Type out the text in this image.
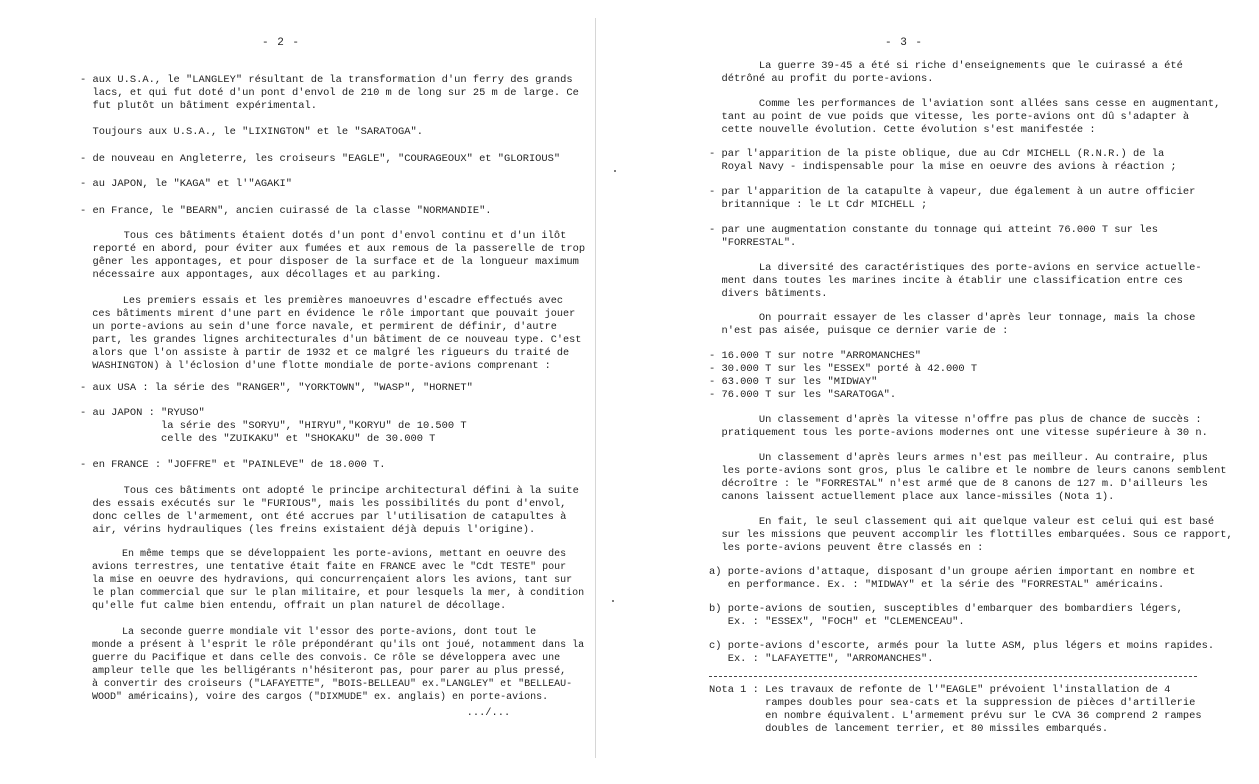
- 2 -

- aux U.S.A., le "LANGLEY" résultant de la transformation d'un ferry des grands
lacs, et qui fut doté d'un pont d'envol de 210 m de long sur 25 m de large. Ce
fut plutôt un bâtiment expérimental.

Toujours aux U.S.A., le "LIXINGTON" et le "SARATOGA".

- de nouveau en Angleterre, les croiseurs "EAGLE", "COURAGEOUX" et "GLORIOUS"

- au JAPON, le "KAGA" et l'"AGAKI"

- en France, le "BEARN", ancien cuirassé de la classe "NORMANDIE".

Tous ces bâtiments étaient dotés d'un pont d'envol continu et d'un ilôt
reporté en abord, pour éviter aux fumées et aux remous de la passerelle de trop
gêner les appontages, et pour disposer de la surface et de la longueur maximum
nécessaire aux appontages, aux décollages et au parking.

Les premiers essais et les premières manoeuvres d'escadre effectués avec
ces bâtiments mirent d'une part en évidence le rôle important que pouvait jouer
un porte-avions au sein d'une force navale, et permirent de définir, d'autre
part, les grandes lignes architecturales d'un bâtiment de ce nouveau type. C'est
alors que l'on assiste à partir de 1932 et ce malgré les rigueurs du traité de
WASHINGTON) à l'éclosion d'une flotte mondiale de porte-avions comprenant :

- aux USA : la série des "RANGER", "YORKTOWN", "WASP", "HORNET"

- au JAPON : "RYUSO"
la série des "SORYU", "HIRYU","KORYU" de 10.500 T
celle des "ZUIKAKU" et "SHOKAKU" de 30.000 T

- en FRANCE : "JOFFRE" et "PAINLEVE" de 18.000 T.

Tous ces bâtiments ont adopté le principe architectural défini à la suite
des essais exécutés sur le "FURIOUS", mais les possibilités du pont d'envol,
donc celles de l'armement, ont été accrues par l'utilisation de catapultes à
air, vérins hydrauliques (les freins existaient déjà depuis l'origine).

En même temps que se développaient les porte-avions, mettant en oeuvre des
avions terrestres, une tentative était faite en FRANCE avec le "Cdt TESTE" pour
la mise en oeuvre des hydravions, qui concurrençaient alors les avions, tant sur
le plan commercial que sur le plan militaire, et pour lesquels la mer, à condition
qu'elle fut calme bien entendu, offrait un plan naturel de décollage.

La seconde guerre mondiale vit l'essor des porte-avions, dont tout le
monde a présent à l'esprit le rôle prépondérant qu'ils ont joué, notamment dans la
guerre du Pacifique et dans celle des convois. Ce rôle se développera avec une
ampleur telle que les belligérants n'hésiteront pas, pour parer au plus pressé,
à convertir des croiseurs ("LAFAYETTE", "BOIS-BELLEAU" ex."LANGLEY" et "BELLEAU-
WOOD" américains), voire des cargos ("DIXMUDE" ex. anglais) en porte-avions.

.../...

- 3 -

La guerre 39-45 a été si riche d'enseignements que le cuirassé a été
détrôné au profit du porte-avions.

Comme les performances de l'aviation sont allées sans cesse en augmentant,
tant au point de vue poids que vitesse, les porte-avions ont dû s'adapter à
cette nouvelle évolution. Cette évolution s'est manifestée :

- par l'apparition de la piste oblique, due au Cdr MICHELL (R.N.R.) de la
Royal Navy - indispensable pour la mise en oeuvre des avions à réaction ;

- par l'apparition de la catapulte à vapeur, due également à un autre officier
britannique : le Lt Cdr MICHELL ;

- par une augmentation constante du tonnage qui atteint 76.000 T sur les
"FORRESTAL".

La diversité des caractéristiques des porte-avions en service actuelle-
ment dans toutes les marines incite à établir une classification entre ces
divers bâtiments.

On pourrait essayer de les classer d'après leur tonnage, mais la chose
n'est pas aisée, puisque ce dernier varie de :

- 16.000 T sur notre "ARROMANCHES"
- 30.000 T sur les "ESSEX" porté à 42.000 T
- 63.000 T sur les "MIDWAY"
- 76.000 T sur les "SARATOGA".

Un classement d'après la vitesse n'offre pas plus de chance de succès :
pratiquement tous les porte-avions modernes ont une vitesse supérieure à 30 n.

Un classement d'après leurs armes n'est pas meilleur. Au contraire, plus
les porte-avions sont gros, plus le calibre et le nombre de leurs canons semblent
décroître : le "FORRESTAL" n'est armé que de 8 canons de 127 m. D'ailleurs les
canons laissent actuellement place aux lance-missiles (Nota 1).

En fait, le seul classement qui ait quelque valeur est celui qui est basé
sur les missions que peuvent accomplir les flottilles embarquées. Sous ce rapport,
les porte-avions peuvent être classés en :

a) porte-avions d'attaque, disposant d'un groupe aérien important en nombre et
en performance. Ex. : "MIDWAY" et la série des "FORRESTAL" américains.

b) porte-avions de soutien, susceptibles d'embarquer des bombardiers légers,
Ex. : "ESSEX", "FOCH" et "CLEMENCEAU".

c) porte-avions d'escorte, armés pour la lutte ASM, plus légers et moins rapides.
Ex. : "LAFAYETTE", "ARROMANCHES".

Nota 1 : Les travaux de refonte de l'"EAGLE" prévoient l'installation de 4
rampes doubles pour sea-cats et la suppression de pièces d'artillerie
en nombre équivalent. L'armement prévu sur le CVA 36 comprend 2 rampes
doubles de lancement terrier, et 80 missiles embarqués.
